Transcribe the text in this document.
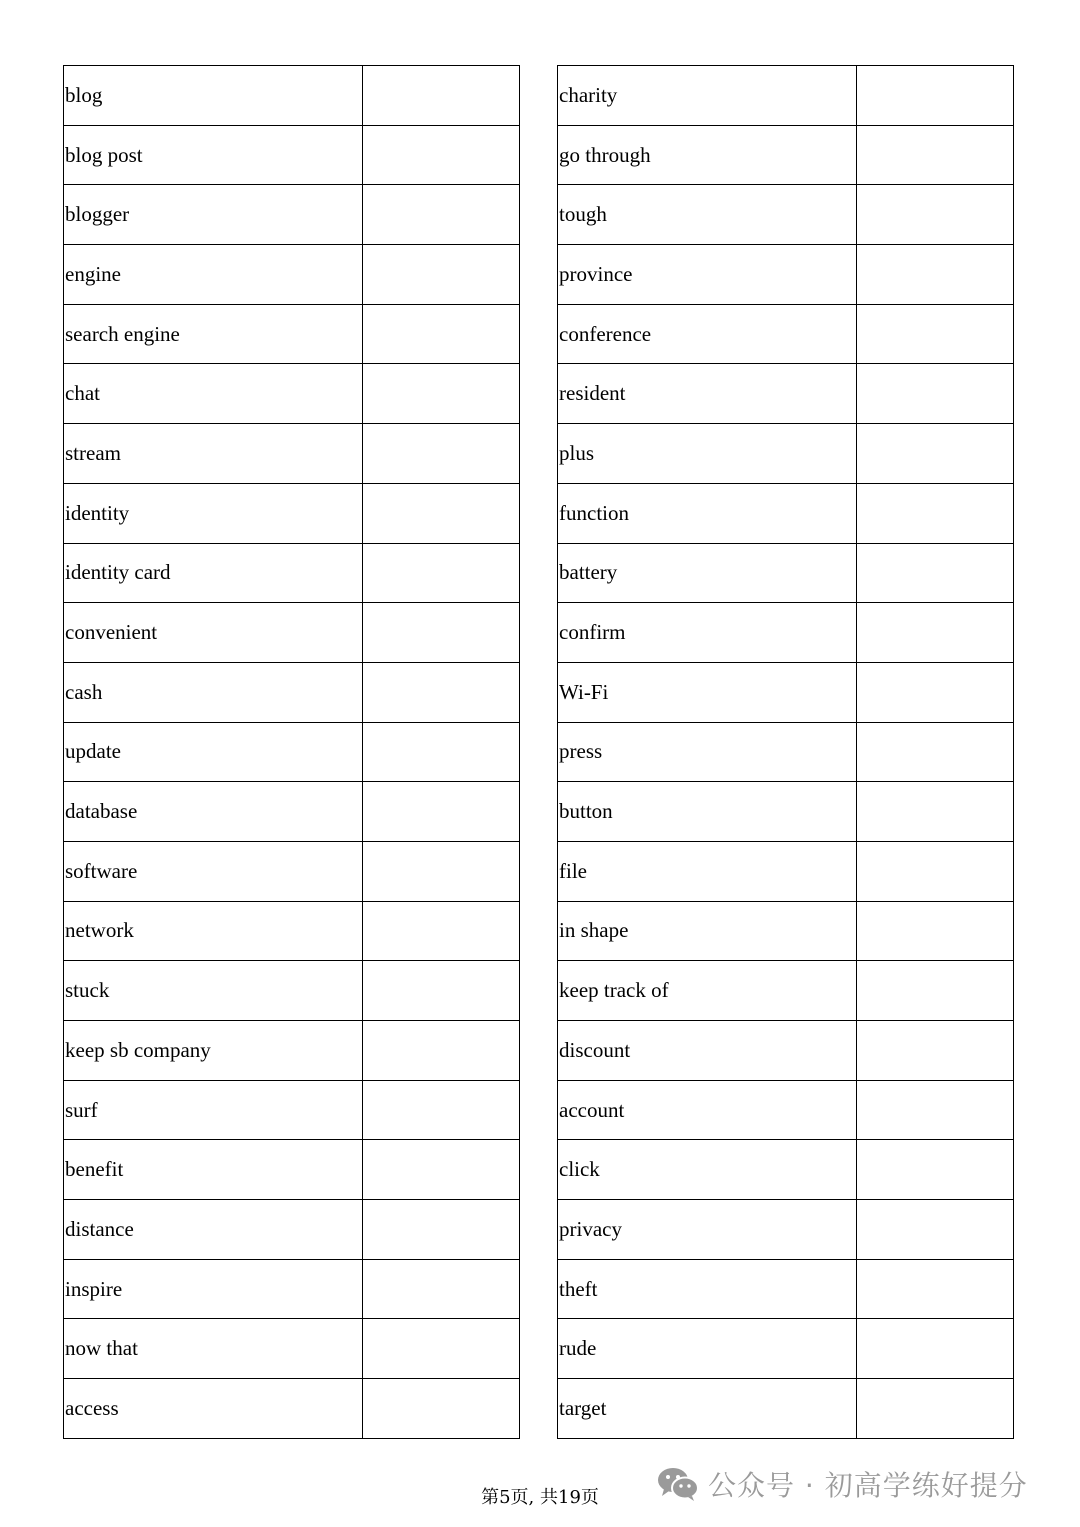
blog	
blog post	
blogger	
engine	
search engine	
chat	
stream	
identity	
identity card	
convenient	
cash	
update	
database	
software	
network	
stuck	
keep sb company	
surf	
benefit	
distance	
inspire	
now that	
access	
charity	
go through	
tough	
province	
conference	
resident	
plus	
function	
battery	
confirm	
Wi-Fi	
press	
button	
file	
in shape	
keep track of	
discount	
account	
click	
privacy	
theft	
rude	
target	
第5页, 共19页	公众号 · 初高学练好提分
